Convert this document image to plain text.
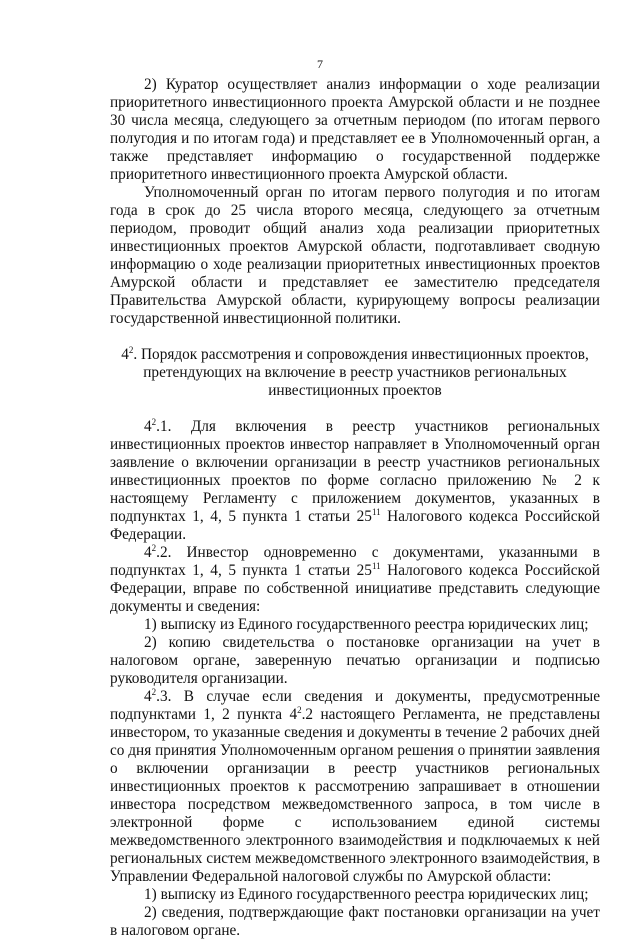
7

2) Куратор осуществляет анализ информации о ходе реализации приоритетного инвестиционного проекта Амурской области и не позднее 30 числа месяца, следующего за отчетным периодом (по итогам первого полугодия и по итогам года) и представляет ее в Уполномоченный орган, а также представляет информацию о государственной поддержке приоритетного инвестиционного проекта Амурской области.

Уполномоченный орган по итогам первого полугодия и по итогам года в срок до 25 числа второго месяца, следующего за отчетным периодом, проводит общий анализ хода реализации приоритетных инвестиционных проектов Амурской области, подготавливает сводную информацию о ходе реализации приоритетных инвестиционных проектов Амурской области и представляет ее заместителю председателя Правительства Амурской области, курирующему вопросы реализации государственной инвестиционной политики.

$4^2$. Порядок рассмотрения и сопровождения инвестиционных проектов, претендующих на включение в реестр участников региональных инвестиционных проектов

$4^2.1$. Для включения в реестр участников региональных инвестиционных проектов инвестор направляет в Уполномоченный орган заявление о включении организации в реестр участников региональных инвестиционных проектов по форме согласно приложению № 2 к настоящему Регламенту с приложением документов, указанных в подпунктах 1, 4, 5 пункта 1 статьи $25^{11}$ Налогового кодекса Российской Федерации.

$4^2.2$. Инвестор одновременно с документами, указанными в подпунктах 1, 4, 5 пункта 1 статьи $25^{11}$ Налогового кодекса Российской Федерации, вправе по собственной инициативе представить следующие документы и сведения:

1) выписку из Единого государственного реестра юридических лиц;

2) копию свидетельства о постановке организации на учет в налоговом органе, заверенную печатью организации и подписью руководителя организации.

$4^2.3$. В случае если сведения и документы, предусмотренные подпунктами 1, 2 пункта $4^2.2$ настоящего Регламента, не представлены инвестором, то указанные сведения и документы в течение 2 рабочих дней со дня принятия Уполномоченным органом решения о принятии заявления о включении организации в реестр участников региональных инвестиционных проектов к рассмотрению запрашивает в отношении инвестора посредством межведомственного запроса, в том числе в электронной форме с использованием единой системы межведомственного электронного взаимодействия и подключаемых к ней региональных систем межведомственного электронного взаимодействия, в Управлении Федеральной налоговой службы по Амурской области:

1) выписку из Единого государственного реестра юридических лиц;

2) сведения, подтверждающие факт постановки организации на учет в налоговом органе.
